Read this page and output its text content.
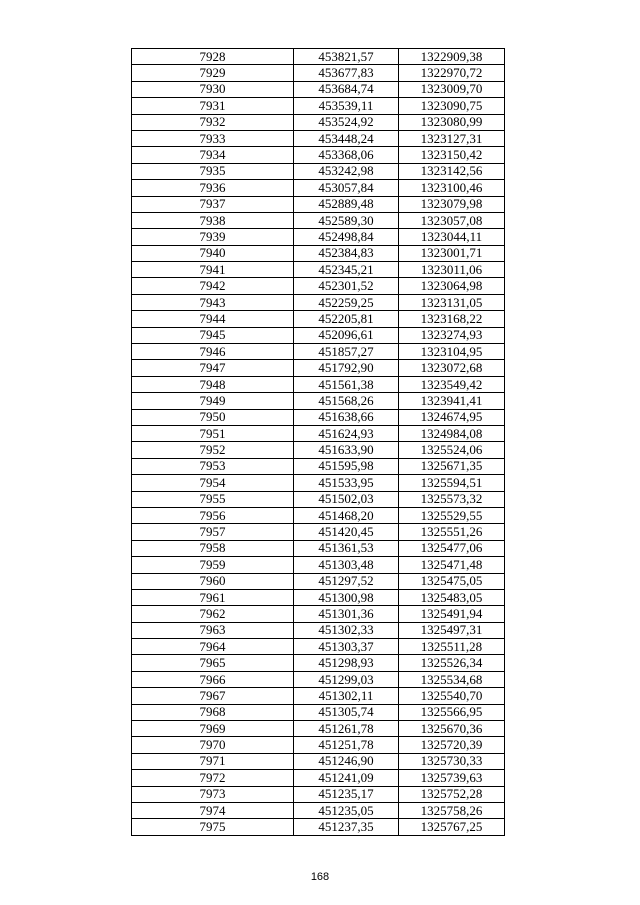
7928	453821,57	1322909,38
7929	453677,83	1322970,72
7930	453684,74	1323009,70
7931	453539,11	1323090,75
7932	453524,92	1323080,99
7933	453448,24	1323127,31
7934	453368,06	1323150,42
7935	453242,98	1323142,56
7936	453057,84	1323100,46
7937	452889,48	1323079,98
7938	452589,30	1323057,08
7939	452498,84	1323044,11
7940	452384,83	1323001,71
7941	452345,21	1323011,06
7942	452301,52	1323064,98
7943	452259,25	1323131,05
7944	452205,81	1323168,22
7945	452096,61	1323274,93
7946	451857,27	1323104,95
7947	451792,90	1323072,68
7948	451561,38	1323549,42
7949	451568,26	1323941,41
7950	451638,66	1324674,95
7951	451624,93	1324984,08
7952	451633,90	1325524,06
7953	451595,98	1325671,35
7954	451533,95	1325594,51
7955	451502,03	1325573,32
7956	451468,20	1325529,55
7957	451420,45	1325551,26
7958	451361,53	1325477,06
7959	451303,48	1325471,48
7960	451297,52	1325475,05
7961	451300,98	1325483,05
7962	451301,36	1325491,94
7963	451302,33	1325497,31
7964	451303,37	1325511,28
7965	451298,93	1325526,34
7966	451299,03	1325534,68
7967	451302,11	1325540,70
7968	451305,74	1325566,95
7969	451261,78	1325670,36
7970	451251,78	1325720,39
7971	451246,90	1325730,33
7972	451241,09	1325739,63
7973	451235,17	1325752,28
7974	451235,05	1325758,26
7975	451237,35	1325767,25
168
